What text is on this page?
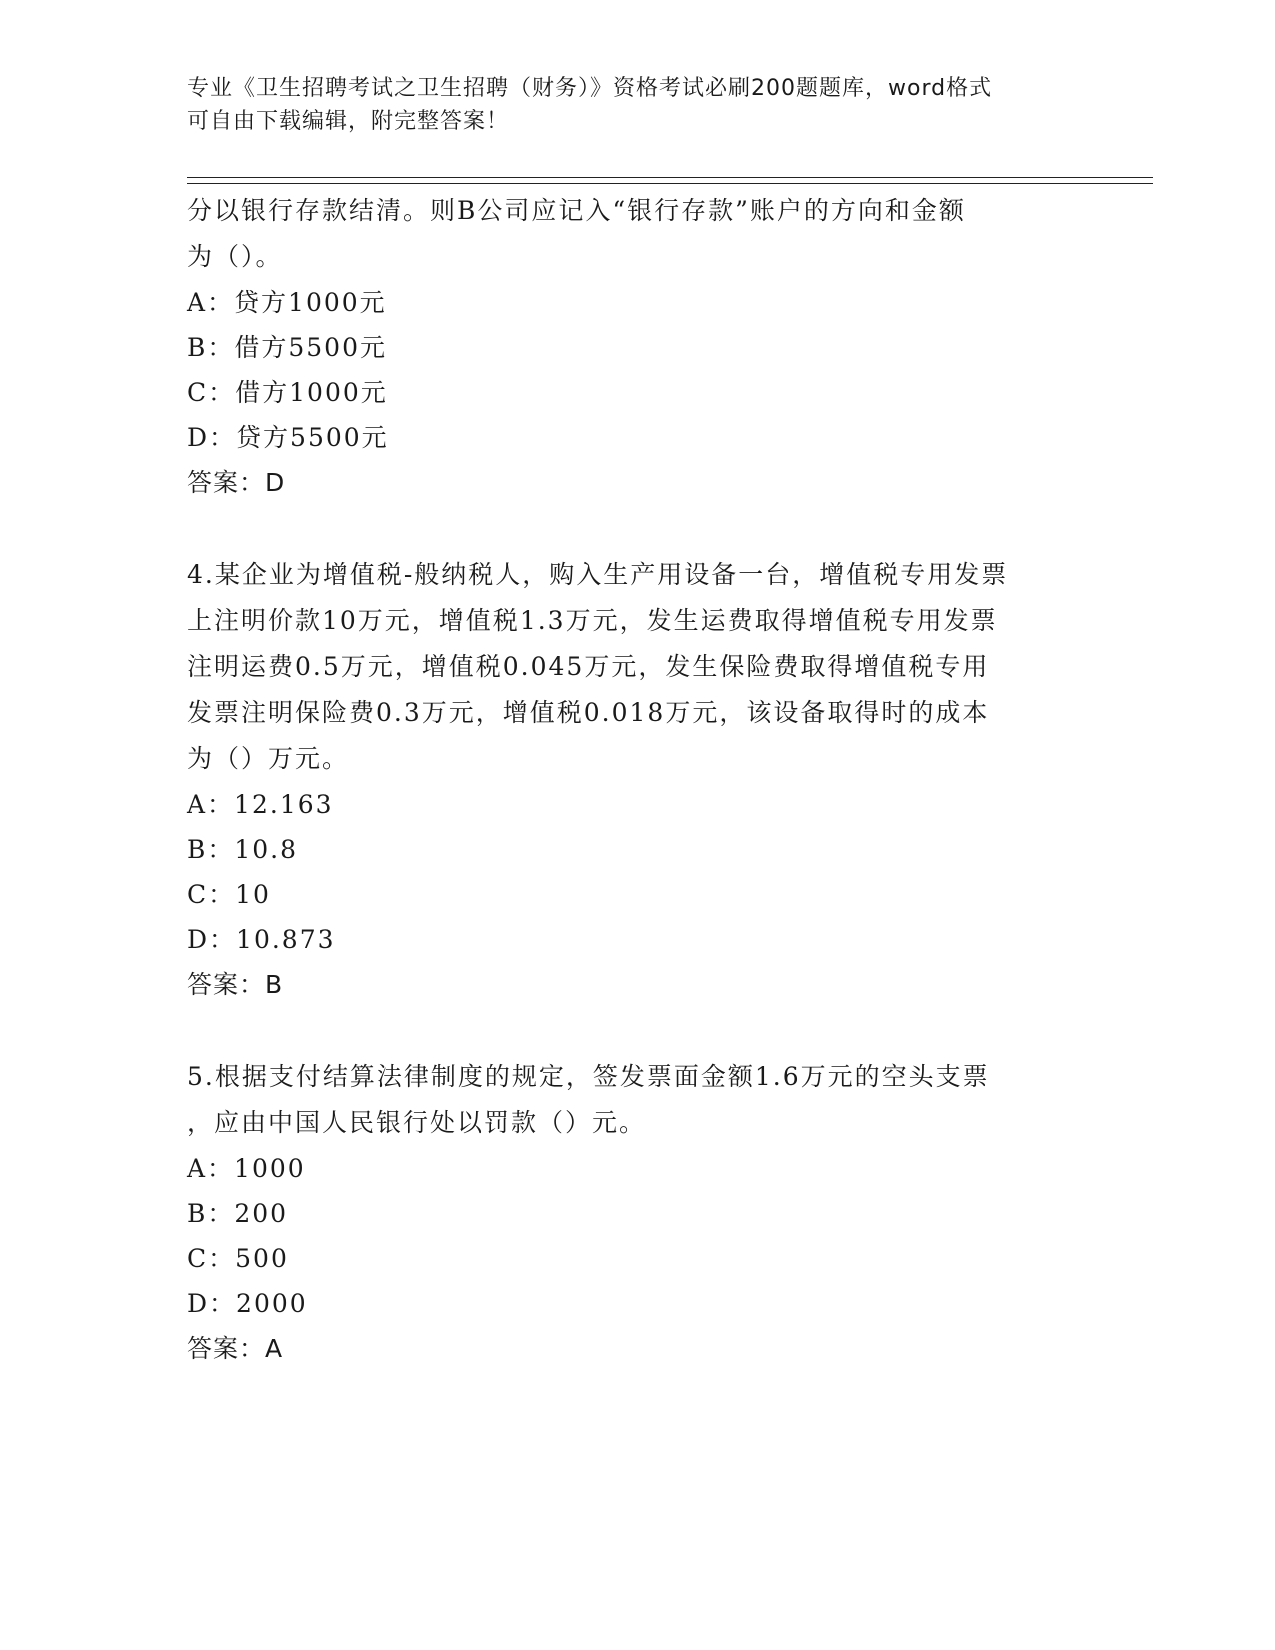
专业《卫生招聘考试之卫生招聘（财务）》资格考试必刷200题题库，word格式
可自由下载编辑，附完整答案！
分以银行存款结清。则B公司应记入“银行存款”账户的方向和金额
为（）。
A：贷方1000元
B：借方5500元
C：借方1000元
D：贷方5500元
答案：D
4.某企业为增值税-般纳税人，购入生产用设备一台，增值税专用发票
上注明价款10万元，增值税1.3万元，发生运费取得增值税专用发票
注明运费0.5万元，增值税0.045万元，发生保险费取得增值税专用
发票注明保险费0.3万元，增值税0.018万元，该设备取得时的成本
为（）万元。
A：12.163
B：10.8
C：10
D：10.873
答案：B
5.根据支付结算法律制度的规定，签发票面金额1.6万元的空头支票
，应由中国人民银行处以罚款（）元。
A：1000
B：200
C：500
D：2000
答案：A
